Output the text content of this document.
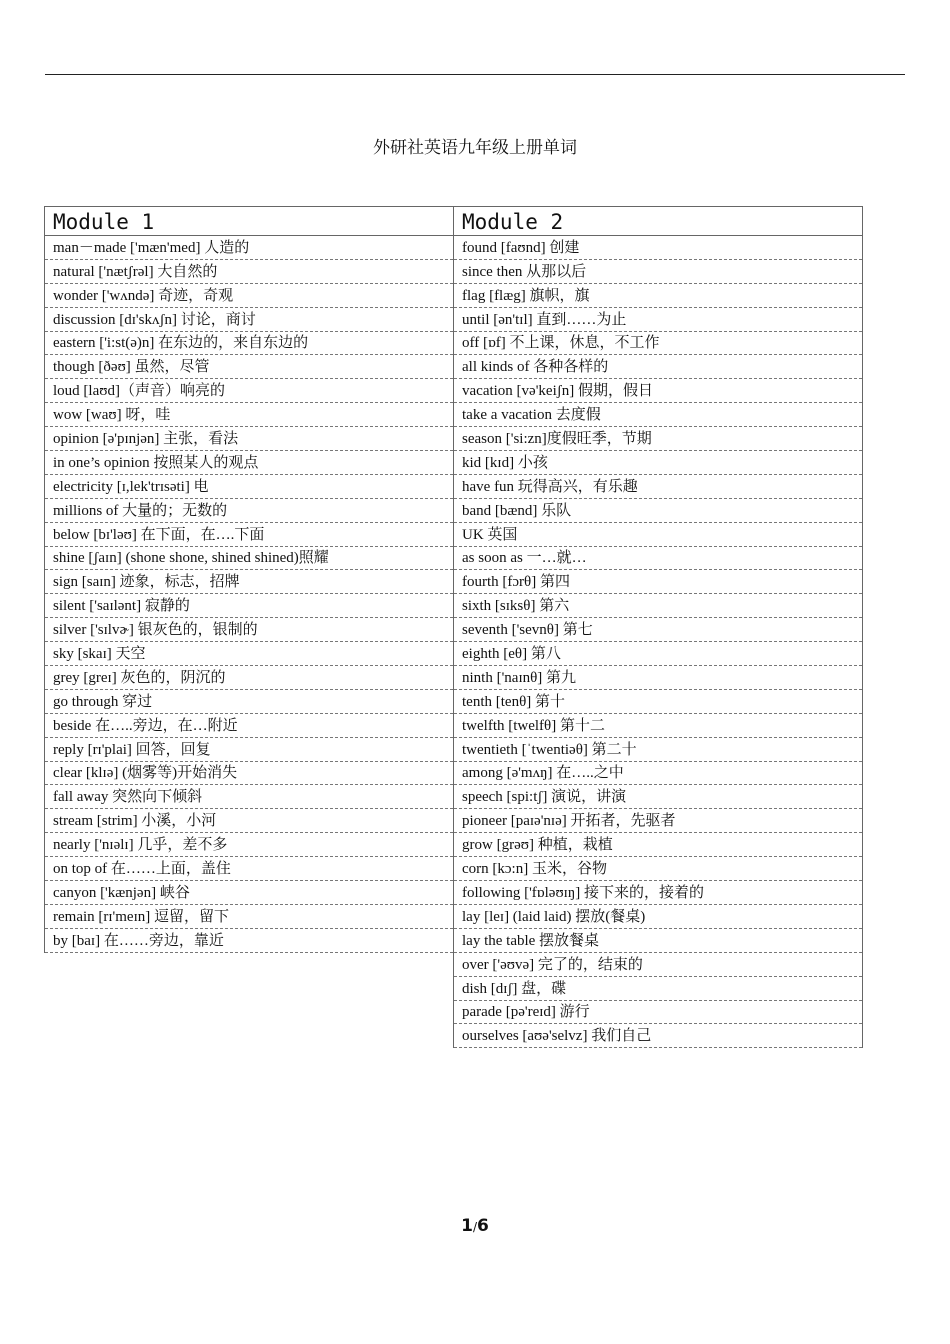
外研社英语九年级上册单词
Module 1	Module 2
man－made ['mæn'med] 人造的	found [faʊnd] 创建
natural ['nætʃrəl] 大自然的	since then 从那以后
wonder ['wʌndə] 奇迹，奇观	flag [flæg] 旗帜，旗
discussion [dɪ'skʌʃn] 讨论，商讨	until [ən'tɪl] 直到……为止
eastern ['i:st(ə)n] 在东边的，来自东边的	off [ɒf] 不上课，休息，不工作
though [ðəʊ] 虽然，尽管	all kinds of 各种各样的
loud [laʊd]（声音）响亮的	vacation [və'keiʃn] 假期，假日
wow [waʊ] 呀，哇	take a vacation 去度假
opinion [ə'pɪnjən] 主张，看法	season ['si:zn]度假旺季，节期
in one’s opinion 按照某人的观点	kid [kɪd] 小孩
electricity [ɪ,lek'trɪsəti] 电	have fun 玩得高兴，有乐趣
millions of 大量的；无数的	band [bænd] 乐队
below [bɪ'ləʊ] 在下面，在….下面	UK 英国
shine [ʃaɪn] (shone shone, shined shined)照耀	as soon as 一…就…
sign [saɪn] 迹象，标志，招牌	fourth [fɔrθ] 第四
silent ['saɪlənt] 寂静的	sixth [sɪksθ] 第六
silver ['sɪlvɚ] 银灰色的，银制的	seventh ['sevnθ] 第七
sky [skaɪ] 天空	eighth [eθ] 第八
grey [greɪ] 灰色的，阴沉的	ninth ['naɪnθ] 第九
go through 穿过	tenth [tenθ] 第十
beside 在…..旁边，在…附近	twelfth [twelfθ] 第十二
reply [rɪ'plai] 回答，回复	twentieth [ˈtwentiəθ] 第二十
clear [klɪə] (烟雾等)开始消失	among [ə'mʌŋ] 在…..之中
fall away 突然向下倾斜	speech [spi:tʃ] 演说，讲演
stream [strim] 小溪，小河	pioneer [paɪə'nɪə] 开拓者，先驱者
nearly ['nɪəlɪ] 几乎，差不多	grow [grəʊ] 种植，栽植
on top of 在……上面，盖住	corn [kɔ:n] 玉米，谷物
canyon ['kænjən] 峡谷	following ['fɒləʊɪŋ] 接下来的，接着的
remain [rɪ'meɪn] 逗留，留下	lay [leɪ] (laid laid) 摆放(餐桌)
by [baɪ] 在……旁边，靠近	lay the table 摆放餐桌
	over ['əʊvə] 完了的，结束的
	dish [dɪʃ] 盘，碟
	parade [pə'reɪd] 游行
	ourselves [aʊə'selvz] 我们自己
1/6
